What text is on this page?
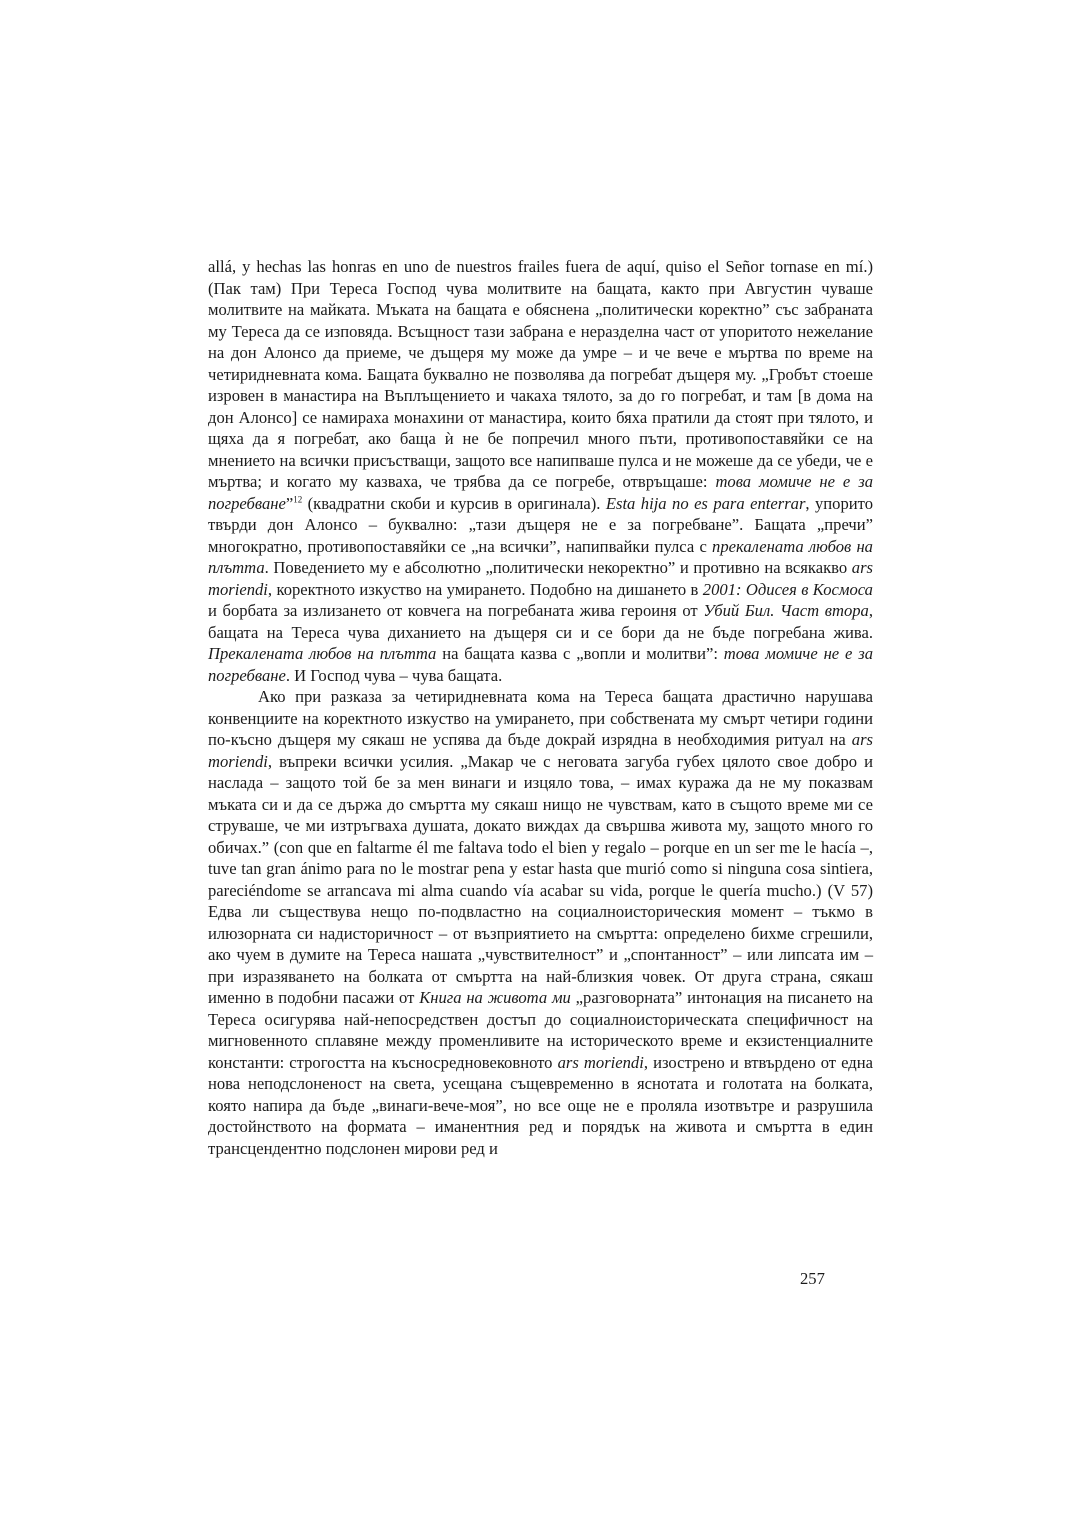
allá, y hechas las honras en uno de nuestros frailes fuera de aquí, quiso el Señor tornase en mí.) (Пак там) При Тереса Господ чува молитвите на бащата, както при Августин чуваше молитвите на майката. Мъката на бащата е обяснена „политически коректно” със забраната му Тереса да се изповяда. Всъщност тази забрана е неразделна част от упоритото нежелание на дон Алонсо да приеме, че дъщеря му може да умре – и че вече е мъртва по време на четиридневната кома. Бащата буквално не позволява да погребат дъщеря му. „Гробът стоеше изровен в манастира на Въплъщението и чакаха тялото, за до го погребат, и там [в дома на дон Алонсо] се намираха монахини от манастира, които бяха пратили да стоят при тялото, и щяха да я погребат, ако баща ѝ не бе попречил много пъти, противопоставяйки се на мнението на всички присъстващи, защото все напипваше пулса и не можеше да се убеди, че е мъртва; и когато му казваха, че трябва да се погребе, отвръщаше: това момиче не е за погребване”$^{12}$ (квадратни скоби и курсив в оригинала). Esta hija no es para enterrar, упорито твърди дон Алонсо – буквално: „тази дъщеря не е за погребване”. Бащата „пречи” многократно, противопоставяйки се „на всички”, напипвайки пулса с прекалената любов на плътта. Поведението му е абсолютно „политически некоректно” и противно на всякакво ars moriendi, коректното изкуство на умирането. Подобно на дишането в 2001: Одисея в Космоса и борбата за излизането от ковчега на погребаната жива героиня от Убий Бил. Част втора, бащата на Тереса чува диханието на дъщеря си и се бори да не бъде погребана жива. Прекалената любов на плътта на бащата казва с „вопли и молитви”: това момиче не е за погребване. И Господ чува – чува бащата.

Ако при разказа за четиридневната кома на Тереса бащата драстично нарушава конвенциите на коректното изкуство на умирането, при собствената му смърт четири години по-късно дъщеря му сякаш не успява да бъде докрай изрядна в необходимия ритуал на ars moriendi, въпреки всички усилия. „Макар че с неговата загуба губех цялото свое добро и наслада – защото той бе за мен винаги и изцяло това, – имах куража да не му показвам мъката си и да се държа до смъртта му сякаш нищо не чувствам, като в същото време ми се струваше, че ми изтръгваха душата, докато виждах да свършва живота му, защото много го обичах.” (con que en faltarme él me faltava todo el bien y regalo – porque en un ser me le hacía –, tuve tan gran ánimo para no le mostrar pena y estar hasta que murió como si ninguna cosa sintiera, pareciéndome se arrancava mi alma cuando vía acabar su vida, porque le quería mucho.) (V 57) Едва ли съществува нещо по-подвластно на социалноисторическия момент – тъкмо в илюзорната си надисторичност – от възприятието на смъртта: определено бихме сгрешили, ако чуем в думите на Тереса нашата „чувствителност” и „спонтанност” – или липсата им – при изразяването на болката от смъртта на най-близкия човек. От друга страна, сякаш именно в подобни пасажи от Книга на живота ми „разговорната” интонация на писането на Тереса осигурява най-непосредствен достъп до социалноисторическата специфичност на мигновенното сплавяне между променливите на историческото време и екзистенциалните константи: строгостта на късносредновековното ars moriendi, изострено и втвърдено от една нова неподслоненост на света, усещана същевременно в яснотата и голотата на болката, която напира да бъде „винаги-вече-моя”, но все още не е проляла изотвътре и разрушила достойнството на формата – иманентния ред и порядък на живота и смъртта в един трансцендентно подслонен мирови ред и

257
